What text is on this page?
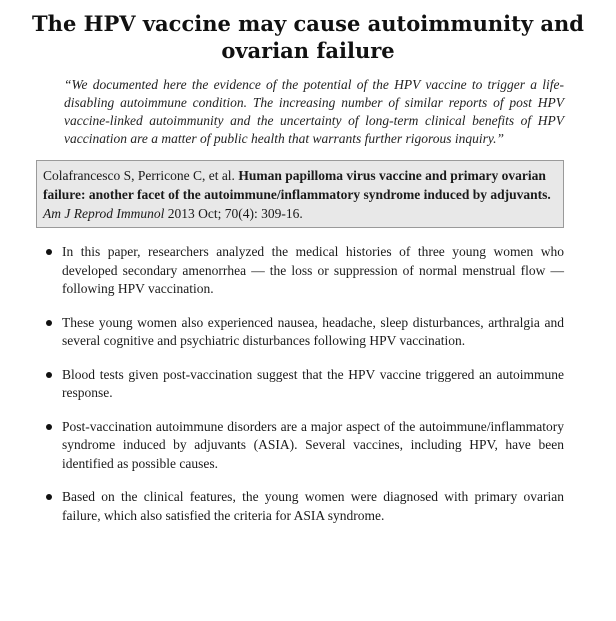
The HPV vaccine may cause autoimmunity and ovarian failure
“We documented here the evidence of the potential of the HPV vaccine to trigger a life-disabling autoimmune condition. The increasing number of similar reports of post HPV vaccine-linked autoimmunity and the uncertainty of long-term clinical benefits of HPV vaccination are a matter of public health that warrants further rigorous inquiry.”
Colafrancesco S, Perricone C, et al. Human papilloma virus vaccine and primary ovarian failure: another facet of the autoimmune/inflammatory syndrome induced by adjuvants. Am J Reprod Immunol 2013 Oct; 70(4): 309-16.
In this paper, researchers analyzed the medical histories of three young women who developed secondary amenorrhea — the loss or suppression of normal menstrual flow — following HPV vaccination.
These young women also experienced nausea, headache, sleep disturbances, arthralgia and several cognitive and psychiatric disturbances following HPV vaccination.
Blood tests given post-vaccination suggest that the HPV vaccine triggered an autoimmune response.
Post-vaccination autoimmune disorders are a major aspect of the autoimmune/inflammatory syndrome induced by adjuvants (ASIA). Several vaccines, including HPV, have been identified as possible causes.
Based on the clinical features, the young women were diagnosed with primary ovarian failure, which also satisfied the criteria for ASIA syndrome.
